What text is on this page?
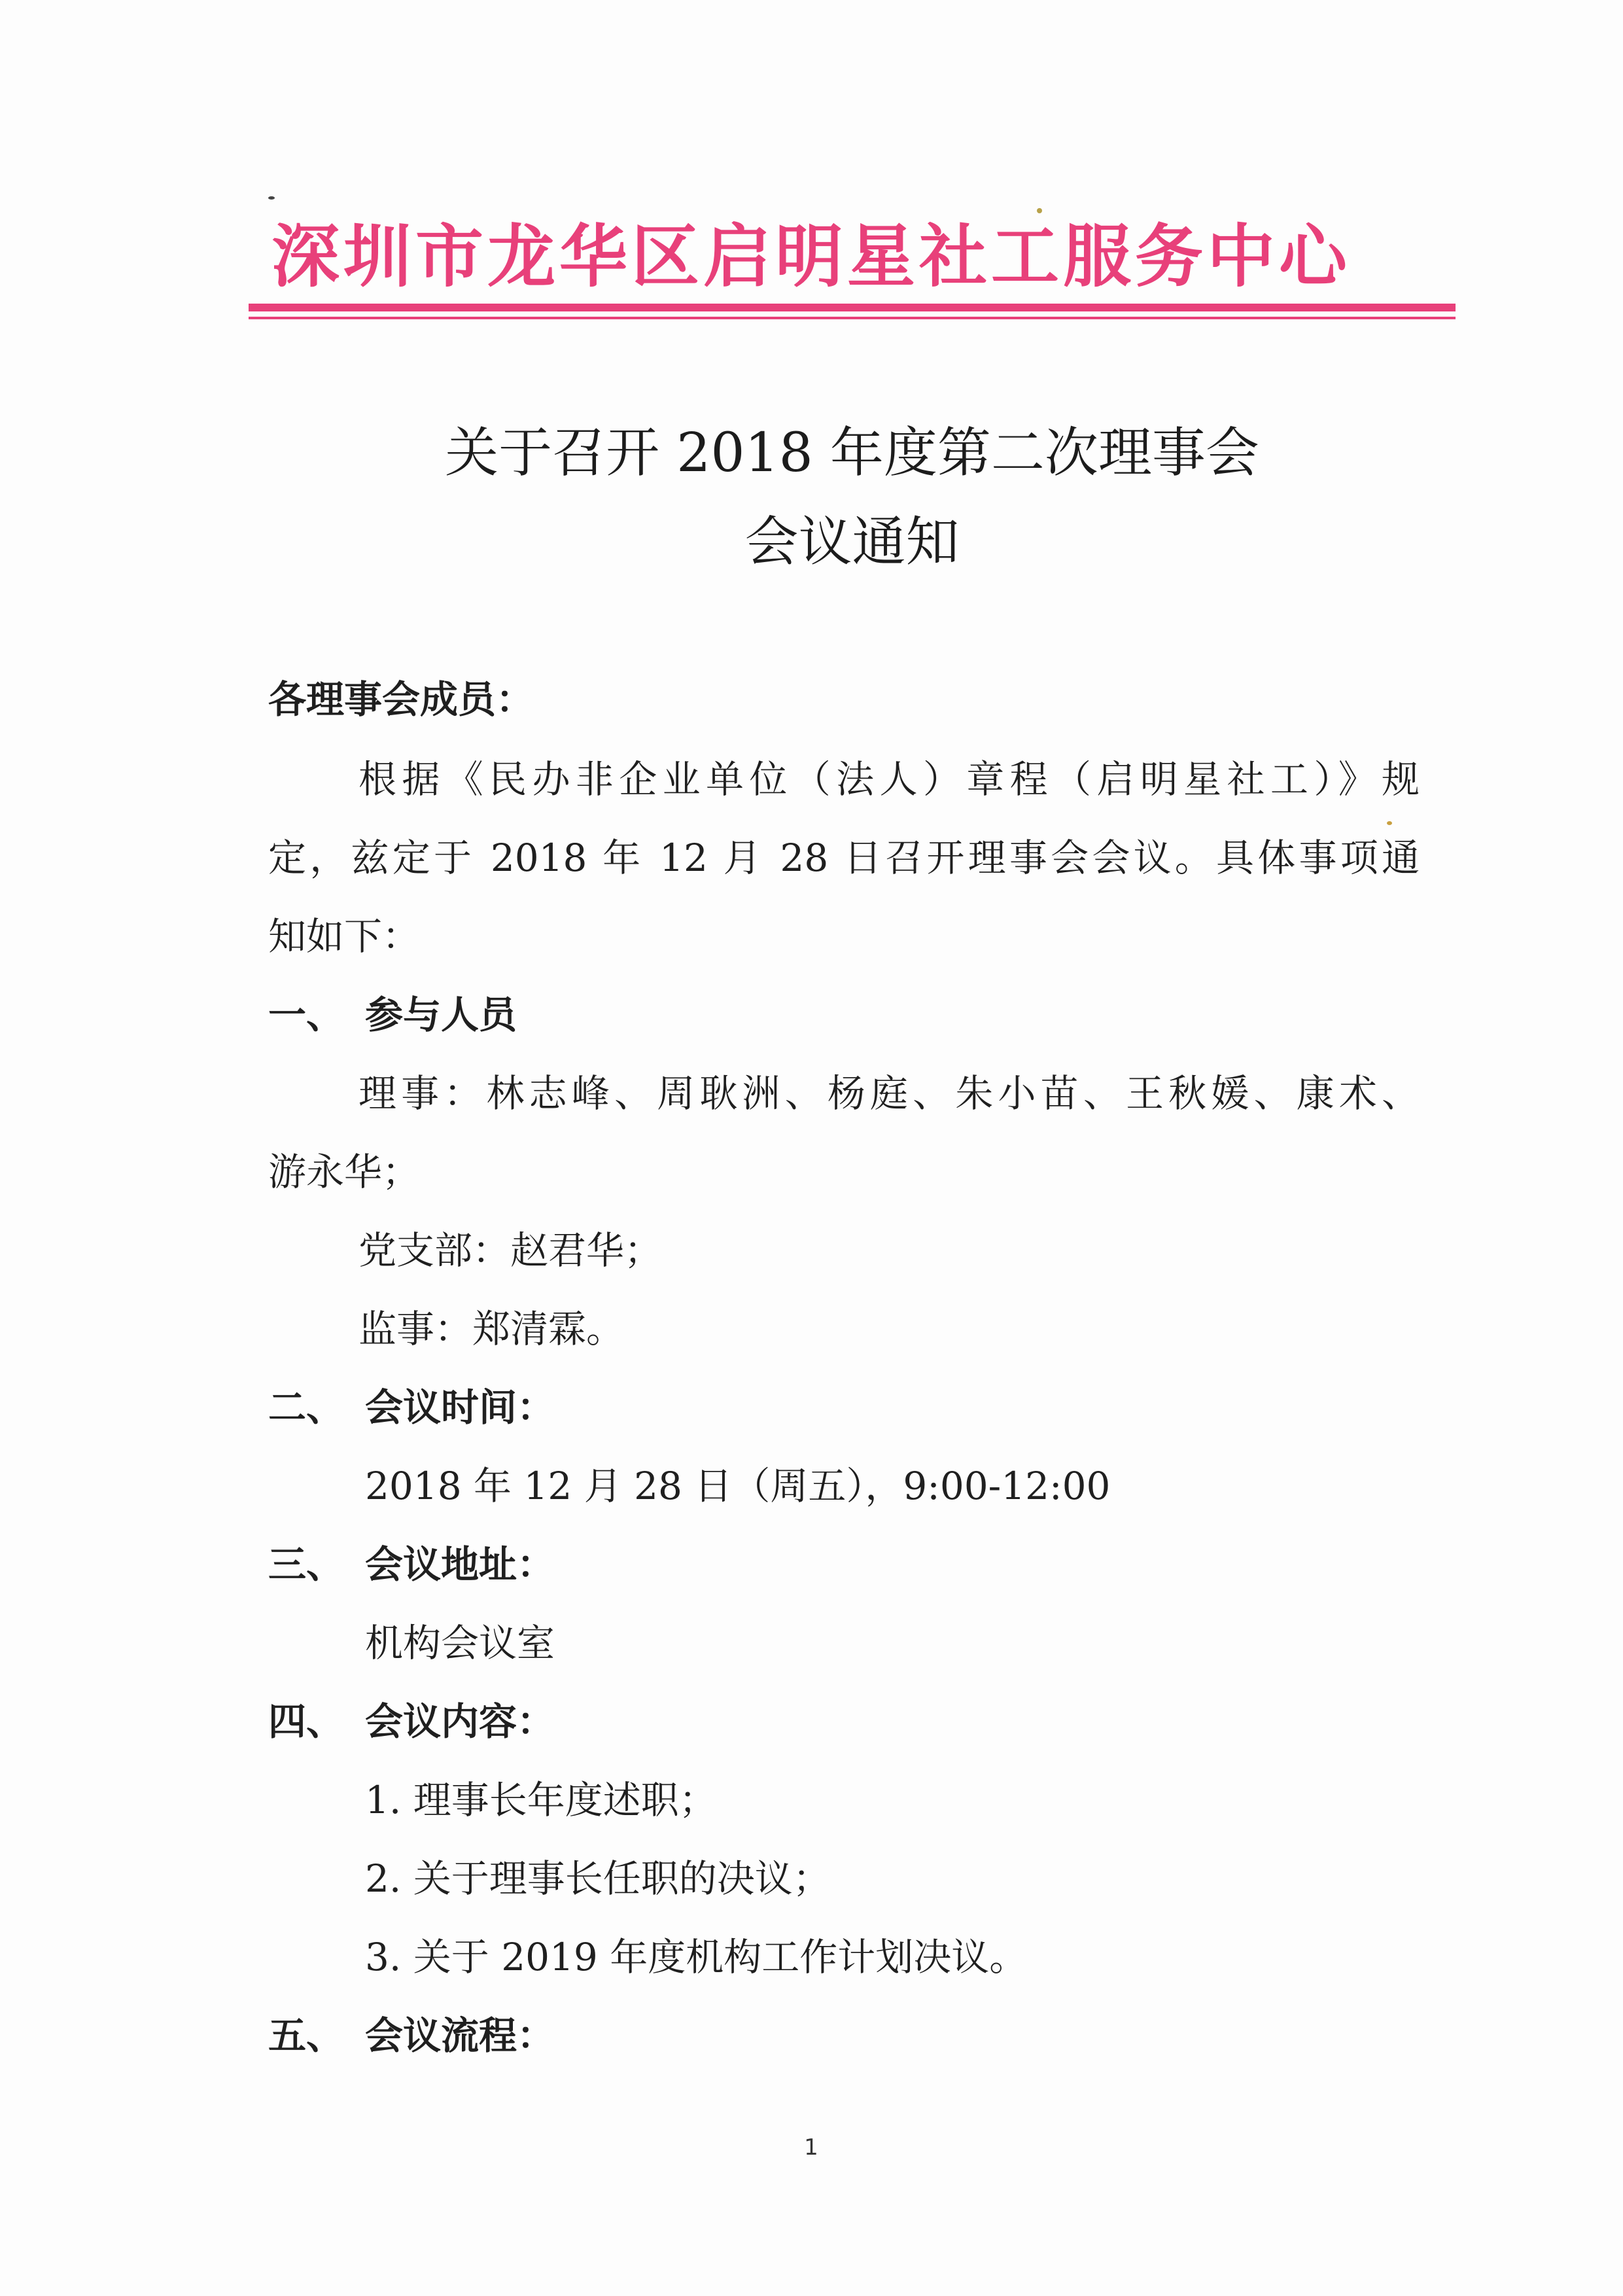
深圳市龙华区启明星社工服务中心
关于召开 2018 年度第二次理事会
会议通知
各理事会成员：
根据《民办非企业单位（法人）章程（启明星社工）》规
定，兹定于 2018 年 12 月 28 日召开理事会会议。具体事项通
知如下：
一、 参与人员
理事：林志峰、周耿洲、杨庭、朱小苗、王秋媛、康术、
游永华；
党支部：赵君华；
监事：郑清霖。
二、 会议时间：
2018 年 12 月 28 日（周五），9:00-12:00
三、 会议地址：
机构会议室
四、 会议内容：
1. 理事长年度述职；
2. 关于理事长任职的决议；
3. 关于 2019 年度机构工作计划决议。
五、 会议流程：
1
